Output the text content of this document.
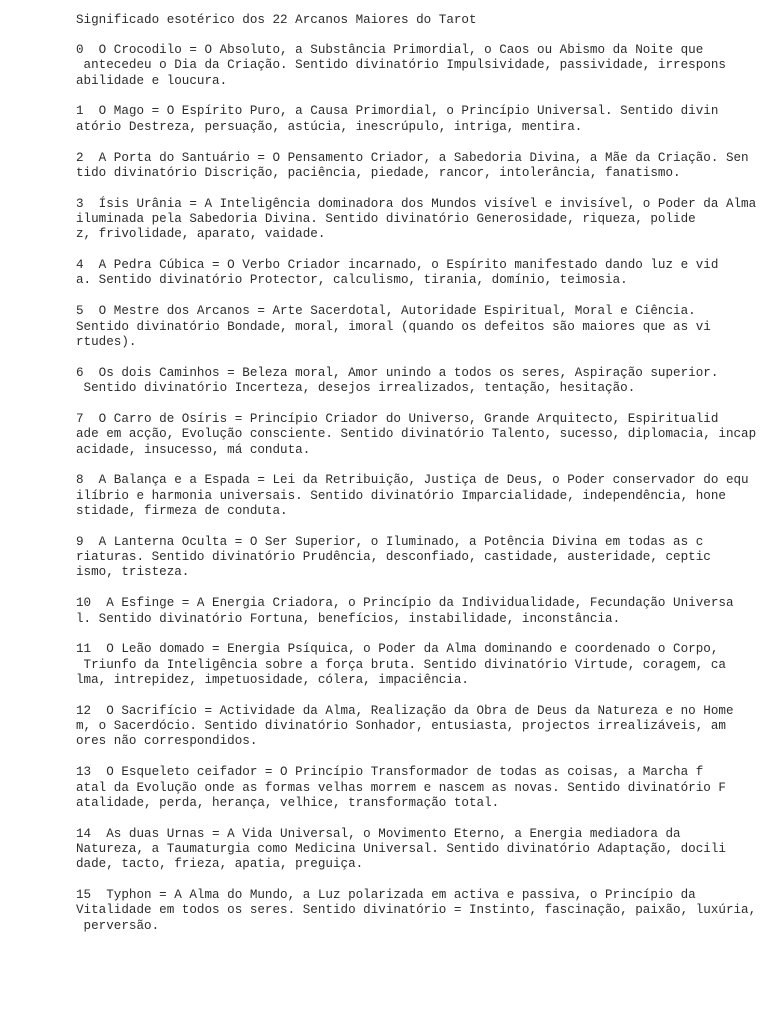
Significado esotérico dos 22 Arcanos Maiores do Tarot
0  O Crocodilo = O Absoluto, a Substância Primordial, o Caos ou Abismo da Noite que
antecedeu o Dia da Criação. Sentido divinatório Impulsividade, passividade, irrespons
abilidade e loucura.
1  O Mago = O Espírito Puro, a Causa Primordial, o Princípio Universal. Sentido divin
atório Destreza, persuação, astúcia, inescrúpulo, intriga, mentira.
2  A Porta do Santuário = O Pensamento Criador, a Sabedoria Divina, a Mãe da Criação. Sen
tido divinatório Discrição, paciência, piedade, rancor, intolerância, fanatismo.
3  Ísis Urânia = A Inteligência dominadora dos Mundos visível e invisível, o Poder da Alma
iluminada pela Sabedoria Divina. Sentido divinatório Generosidade, riqueza, polide
z, frivolidade, aparato, vaidade.
4  A Pedra Cúbica = O Verbo Criador incarnado, o Espírito manifestado dando luz e vid
a. Sentido divinatório Protector, calculismo, tirania, domínio, teimosia.
5  O Mestre dos Arcanos = Arte Sacerdotal, Autoridade Espiritual, Moral e Ciência.
Sentido divinatório Bondade, moral, imoral (quando os defeitos são maiores que as vi
rtudes).
6  Os dois Caminhos = Beleza moral, Amor unindo a todos os seres, Aspiração superior.
Sentido divinatório Incerteza, desejos irrealizados, tentação, hesitação.
7  O Carro de Osíris = Princípio Criador do Universo, Grande Arquitecto, Espiritualid
ade em acção, Evolução consciente. Sentido divinatório Talento, sucesso, diplomacia, incap
acidade, insucesso, má conduta.
8  A Balança e a Espada = Lei da Retribuição, Justiça de Deus, o Poder conservador do equ
ilíbrio e harmonia universais. Sentido divinatório Imparcialidade, independência, hone
stidade, firmeza de conduta.
9  A Lanterna Oculta = O Ser Superior, o Iluminado, a Potência Divina em todas as c
riaturas. Sentido divinatório Prudência, desconfiado, castidade, austeridade, ceptic
ismo, tristeza.
10  A Esfinge = A Energia Criadora, o Princípio da Individualidade, Fecundação Universa
l. Sentido divinatório Fortuna, benefícios, instabilidade, inconstância.
11  O Leão domado = Energia Psíquica, o Poder da Alma dominando e coordenado o Corpo,
Triunfo da Inteligência sobre a força bruta. Sentido divinatório Virtude, coragem, ca
lma, intrepidez, impetuosidade, cólera, impaciência.
12  O Sacrifício = Actividade da Alma, Realização da Obra de Deus da Natureza e no Home
m, o Sacerdócio. Sentido divinatório Sonhador, entusiasta, projectos irrealizáveis, am
ores não correspondidos.
13  O Esqueleto ceifador = O Princípio Transformador de todas as coisas, a Marcha f
atal da Evolução onde as formas velhas morrem e nascem as novas. Sentido divinatório F
atalidade, perda, herança, velhice, transformação total.
14  As duas Urnas = A Vida Universal, o Movimento Eterno, a Energia mediadora da
Natureza, a Taumaturgia como Medicina Universal. Sentido divinatório Adaptação, docili
dade, tacto, frieza, apatia, preguiça.
15  Typhon = A Alma do Mundo, a Luz polarizada em activa e passiva, o Princípio da
Vitalidade em todos os seres. Sentido divinatório = Instinto, fascinação, paixão, luxúria,
perversão.
